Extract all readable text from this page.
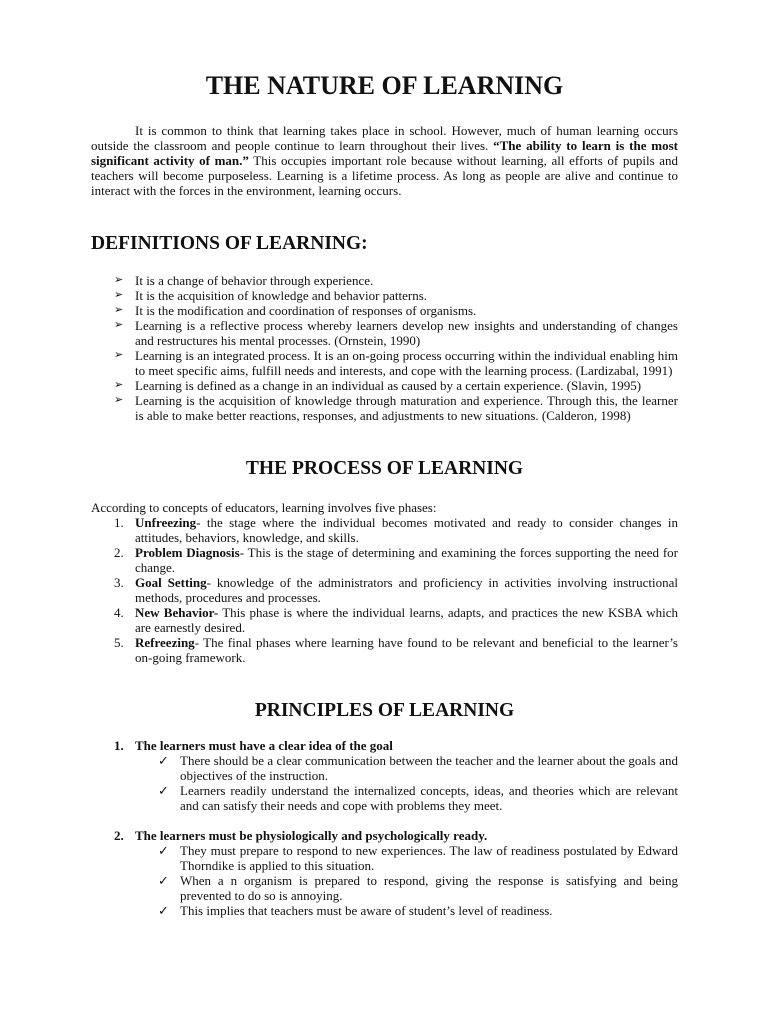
THE NATURE OF LEARNING

It is common to think that learning takes place in school. However, much of human learning occurs outside the classroom and people continue to learn throughout their lives. “The ability to learn is the most significant activity of man.” This occupies important role because without learning, all efforts of pupils and teachers will become purposeless. Learning is a lifetime process. As long as people are alive and continue to interact with the forces in the environment, learning occurs.

DEFINITIONS OF LEARNING:
➢ It is a change of behavior through experience.
➢ It is the acquisition of knowledge and behavior patterns.
➢ It is the modification and coordination of responses of organisms.
➢ Learning is a reflective process whereby learners develop new insights and understanding of changes and restructures his mental processes. (Ornstein, 1990)
➢ Learning is an integrated process. It is an on-going process occurring within the individual enabling him to meet specific aims, fulfill needs and interests, and cope with the learning process. (Lardizabal, 1991)
➢ Learning is defined as a change in an individual as caused by a certain experience. (Slavin, 1995)
➢ Learning is the acquisition of knowledge through maturation and experience. Through this, the learner is able to make better reactions, responses, and adjustments to new situations. (Calderon, 1998)
THE PROCESS OF LEARNING

According to concepts of educators, learning involves five phases:

1. Unfreezing- the stage where the individual becomes motivated and ready to consider changes in attitudes, behaviors, knowledge, and skills.
2. Problem Diagnosis- This is the stage of determining and examining the forces supporting the need for change.
3. Goal Setting- knowledge of the administrators and proficiency in activities involving instructional methods, procedures and processes.
4. New Behavior- This phase is where the individual learns, adapts, and practices the new KSBA which are earnestly desired.
5. Refreezing- The final phases where learning have found to be relevant and beneficial to the learner’s on-going framework.
PRINCIPLES OF LEARNING
1. The learners must have a clear idea of the goal

✓ There should be a clear communication between the teacher and the learner about the goals and objectives of the instruction.
✓ Learners readily understand the internalized concepts, ideas, and theories which are relevant and can satisfy their needs and cope with problems they meet.
2. The learners must be physiologically and psychologically ready.

✓ They must prepare to respond to new experiences. The law of readiness postulated by Edward Thorndike is applied to this situation.
✓ When a n organism is prepared to respond, giving the response is satisfying and being prevented to do so is annoying.
✓ This implies that teachers must be aware of student’s level of readiness.
